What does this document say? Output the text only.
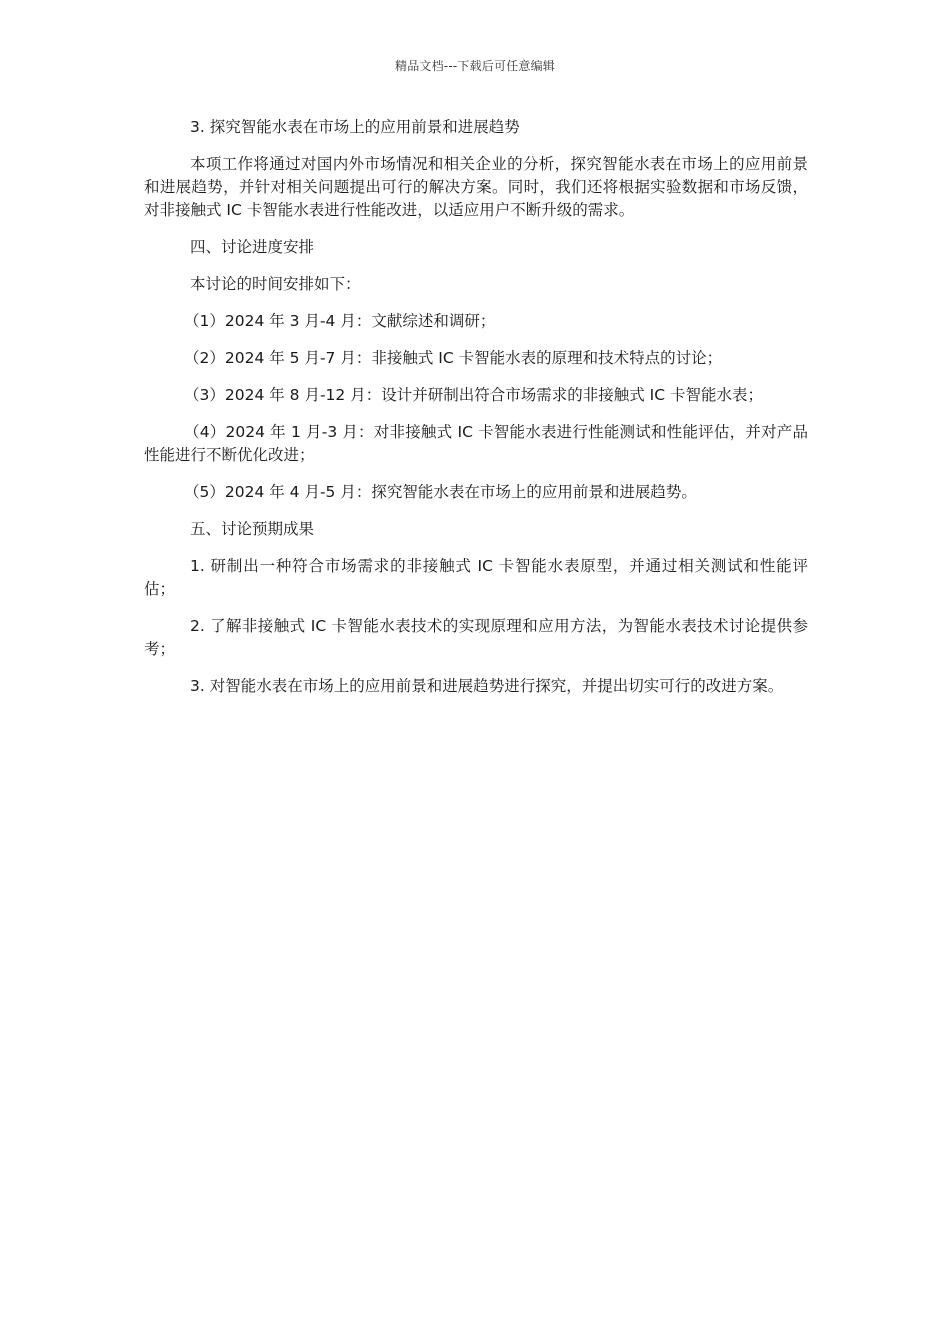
精品文档---下载后可任意编辑

3. 探究智能水表在市场上的应用前景和进展趋势

本项工作将通过对国内外市场情况和相关企业的分析，探究智能水表在市场上的应用前景和进展趋势，并针对相关问题提出可行的解决方案。同时，我们还将根据实验数据和市场反馈，对非接触式 IC 卡智能水表进行性能改进，以适应用户不断升级的需求。

四、讨论进度安排

本讨论的时间安排如下：

（1）2024 年 3 月-4 月：文献综述和调研；

（2）2024 年 5 月-7 月：非接触式 IC 卡智能水表的原理和技术特点的讨论；

（3）2024 年 8 月-12 月：设计并研制出符合市场需求的非接触式 IC 卡智能水表；

（4）2024 年 1 月-3 月：对非接触式 IC 卡智能水表进行性能测试和性能评估，并对产品性能进行不断优化改进；

（5）2024 年 4 月-5 月：探究智能水表在市场上的应用前景和进展趋势。

五、讨论预期成果

1. 研制出一种符合市场需求的非接触式 IC 卡智能水表原型，并通过相关测试和性能评估；

2. 了解非接触式 IC 卡智能水表技术的实现原理和应用方法，为智能水表技术讨论提供参考；

3. 对智能水表在市场上的应用前景和进展趋势进行探究，并提出切实可行的改进方案。
